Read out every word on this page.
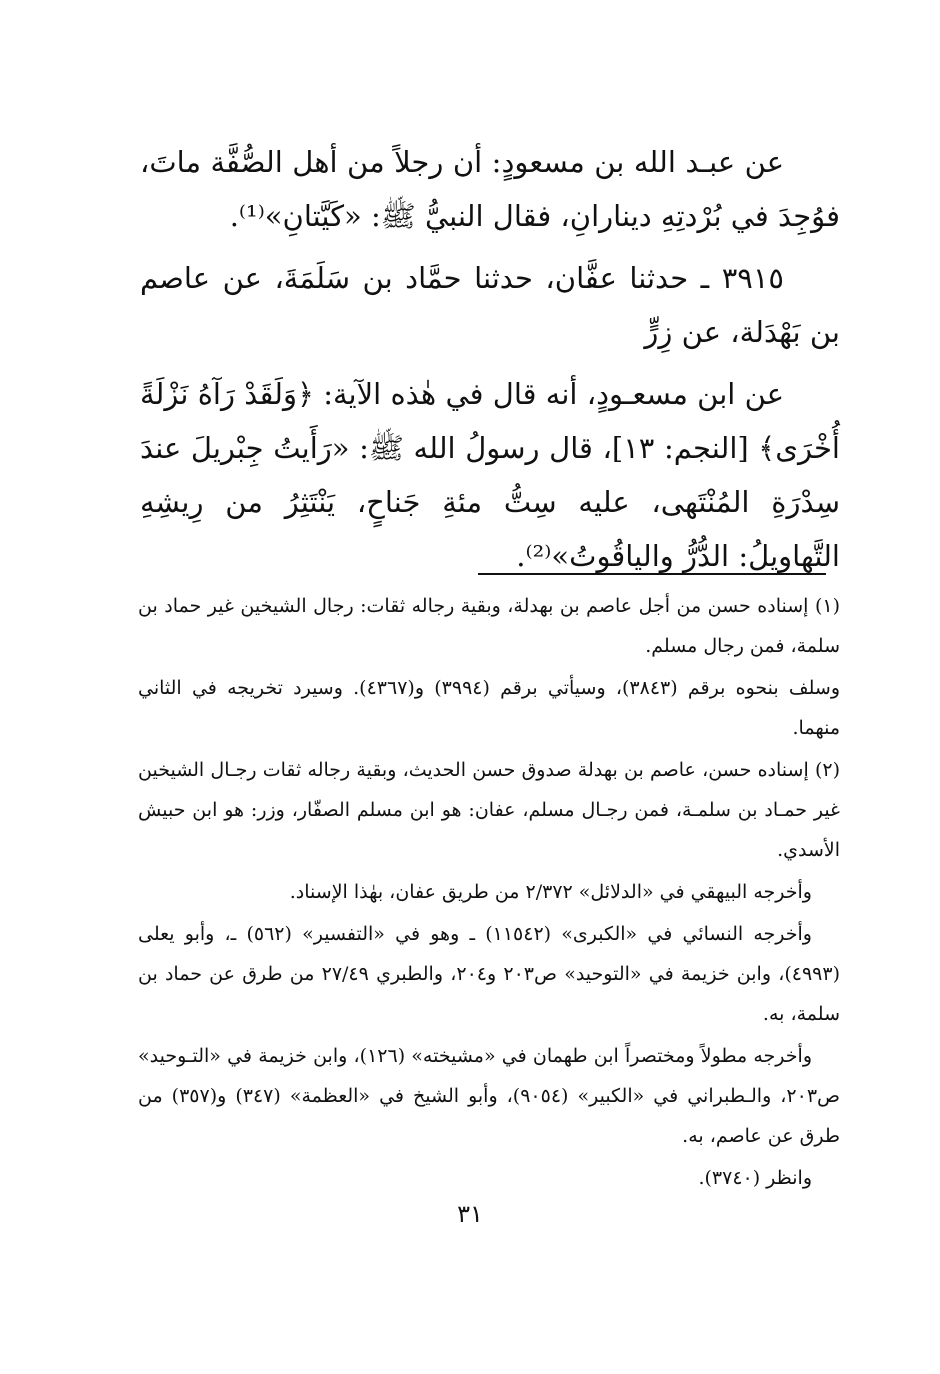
عن عبـد الله بن مسعودٍ: أن رجلاً من أهل الصُّفَّة ماتَ، فوُجِدَ في بُرْدتِهِ دينارانِ، فقال النبيُّ ﷺ: «كَيَّتانِ»⁽¹⁾.

٣٩١٥ ـ حدثنا عفَّان، حدثنا حمَّاد بن سَلَمَةَ، عن عاصم بن بَهْدَلة، عن زِرٍّ

عن ابن مسعـودٍ، أنه قال في هٰذه الآية: ﴿وَلَقَدْ رَآهُ نَزْلَةً أُخْرَى﴾ [النجم: ١٣]، قال رسولُ الله ﷺ: «رَأَيتُ جِبْريلَ عندَ سِدْرَةِ المُنْتَهى، عليه سِتُّ مئةِ جَناحٍ، يَنْتَثِرُ من رِيشِهِ التَّهاويلُ: الدُّرُّ والياقُوتُ»⁽²⁾.

(١) إسناده حسن من أجل عاصم بن بهدلة، وبقية رجاله ثقات: رجال الشيخين غير حماد بن سلمة، فمن رجال مسلم.

وسلف بنحوه برقم (٣٨٤٣)، وسيأتي برقم (٣٩٩٤) و(٤٣٦٧). وسيرد تخريجه في الثاني منهما.

(٢) إسناده حسن، عاصم بن بهدلة صدوق حسن الحديث، وبقية رجاله ثقات رجـال الشيخين غير حمـاد بن سلمـة، فمن رجـال مسلم، عفان: هو ابن مسلم الصفّار، وزر: هو ابن حبيش الأسدي.

وأخرجه البيهقي في «الدلائل» ٢/٣٧٢ من طريق عفان، بهٰذا الإسناد.

وأخرجه النسائي في «الكبرى» (١١٥٤٢) ـ وهو في «التفسير» (٥٦٢) ـ، وأبو يعلى (٤٩٩٣)، وابن خزيمة في «التوحيد» ص٢٠٣ و٢٠٤، والطبري ٢٧/٤٩ من طرق عن حماد بن سلمة، به.

وأخرجه مطولاً ومختصراً ابن طهمان في «مشيخته» (١٢٦)، وابن خزيمة في «التـوحيد» ص٢٠٣، والـطبراني في «الكبير» (٩٠٥٤)، وأبو الشيخ في «العظمة» (٣٤٧) و(٣٥٧) من طرق عن عاصم، به.

وانظر (٣٧٤٠).

٣١
